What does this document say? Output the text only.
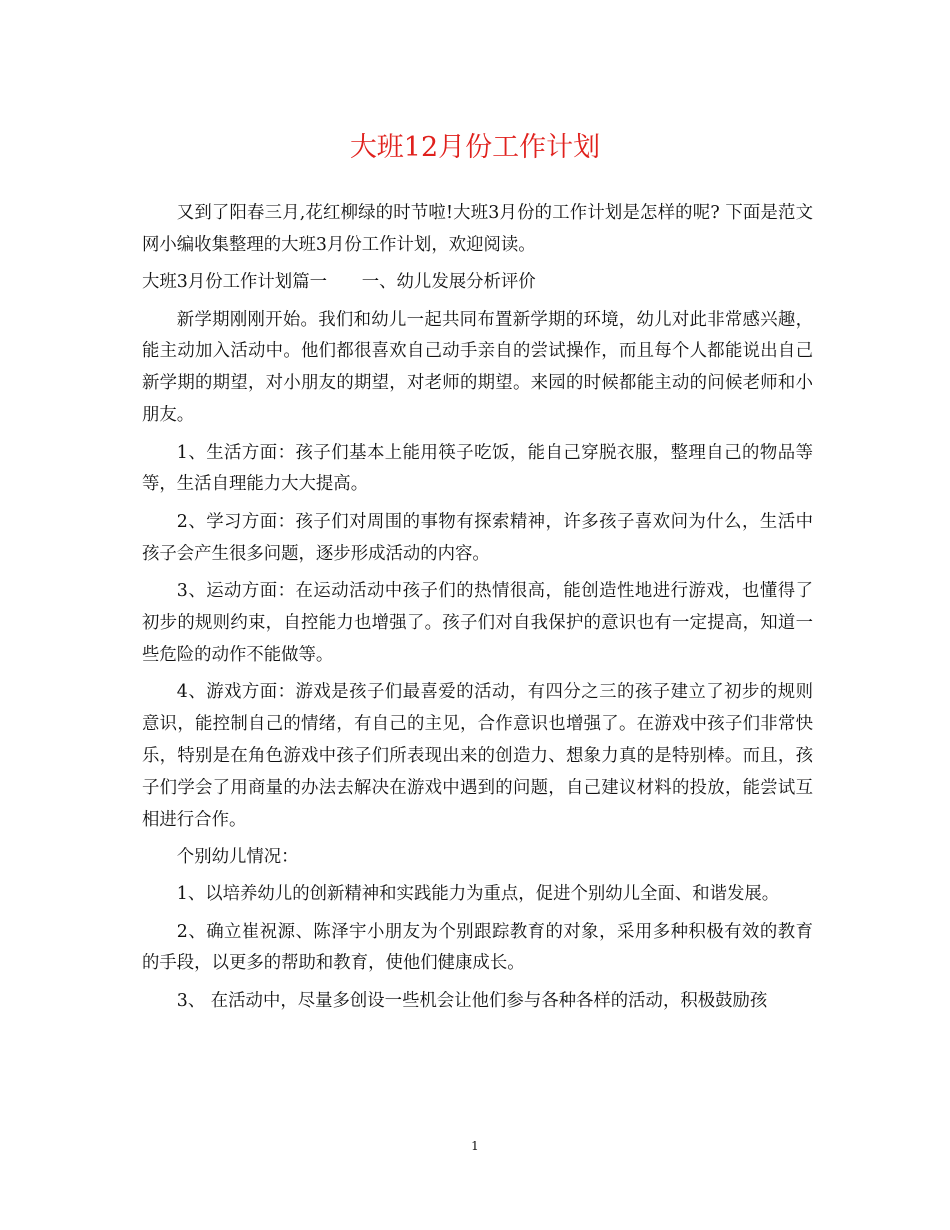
大班12月份工作计划

又到了阳春三月,花红柳绿的时节啦!大班3月份的工作计划是怎样的呢? 下面是范文网小编收集整理的大班3月份工作计划，欢迎阅读。

大班3月份工作计划篇一　　一、幼儿发展分析评价

新学期刚刚开始。我们和幼儿一起共同布置新学期的环境，幼儿对此非常感兴趣，能主动加入活动中。他们都很喜欢自己动手亲自的尝试操作，而且每个人都能说出自己新学期的期望，对小朋友的期望，对老师的期望。来园的时候都能主动的问候老师和小朋友。

1、生活方面：孩子们基本上能用筷子吃饭，能自己穿脱衣服，整理自己的物品等等，生活自理能力大大提高。

2、学习方面：孩子们对周围的事物有探索精神，许多孩子喜欢问为什么，生活中孩子会产生很多问题，逐步形成活动的内容。

3、运动方面：在运动活动中孩子们的热情很高，能创造性地进行游戏，也懂得了初步的规则约束，自控能力也增强了。孩子们对自我保护的意识也有一定提高，知道一些危险的动作不能做等。

4、游戏方面：游戏是孩子们最喜爱的活动，有四分之三的孩子建立了初步的规则意识，能控制自己的情绪，有自己的主见，合作意识也增强了。在游戏中孩子们非常快乐，特别是在角色游戏中孩子们所表现出来的创造力、想象力真的是特别棒。而且，孩子们学会了用商量的办法去解决在游戏中遇到的问题，自己建议材料的投放，能尝试互相进行合作。

个别幼儿情况：

1、以培养幼儿的创新精神和实践能力为重点，促进个别幼儿全面、和谐发展。

2、确立崔祝源、陈泽宇小朋友为个别跟踪教育的对象，采用多种积极有效的教育的手段，以更多的帮助和教育，使他们健康成长。

3、 在活动中，尽量多创设一些机会让他们参与各种各样的活动，积极鼓励孩

1
